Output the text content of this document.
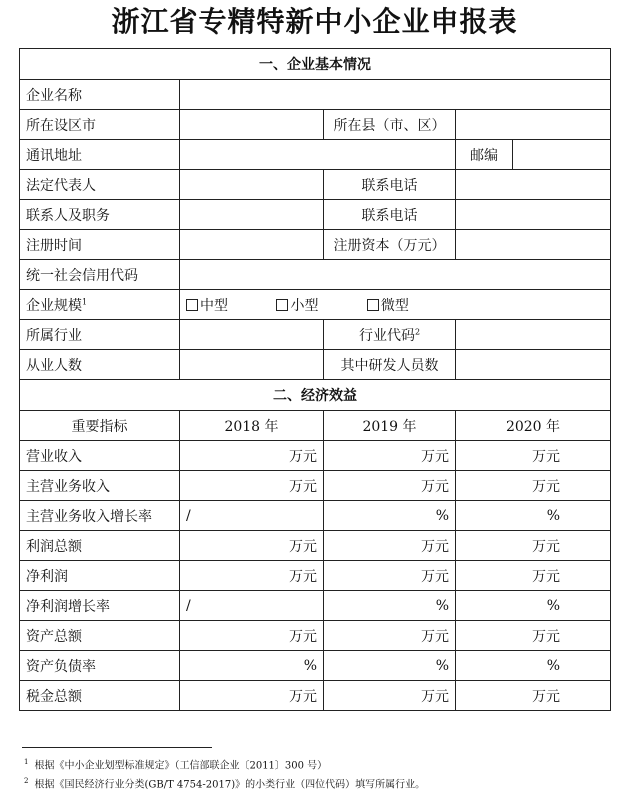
浙江省专精特新中小企业申报表
一、企业基本情况				
企业名称				
所在设区市		所在县（市、区）		
通讯地址			邮编	
法定代表人		联系电话		
联系人及职务		联系电话		
注册时间		注册资本（万元）		
统一社会信用代码				
企业规模$^1$	中型 小型 微型			
所属行业		行业代码$^2$	
从业人数		其中研发人员数		
二、经济效益				
重要指标	2018 年	2019 年	2020 年	
营业收入	万元	万元	万元	
主营业务收入	万元	万元	万元	
主营业务收入增长率	/	%	%	
利润总额	万元	万元	万元	
净利润	万元	万元	万元	
净利润增长率	/	%	%	
资产总额	万元	万元	万元	
资产负债率	%	%	%	
税金总额	万元	万元	万元	
$^1$ 根据《中小企业划型标准规定》（工信部联企业〔2011〕300 号）
$^2$ 根据《国民经济行业分类(GB/T 4754-2017)》的小类行业（四位代码）填写所属行业。
